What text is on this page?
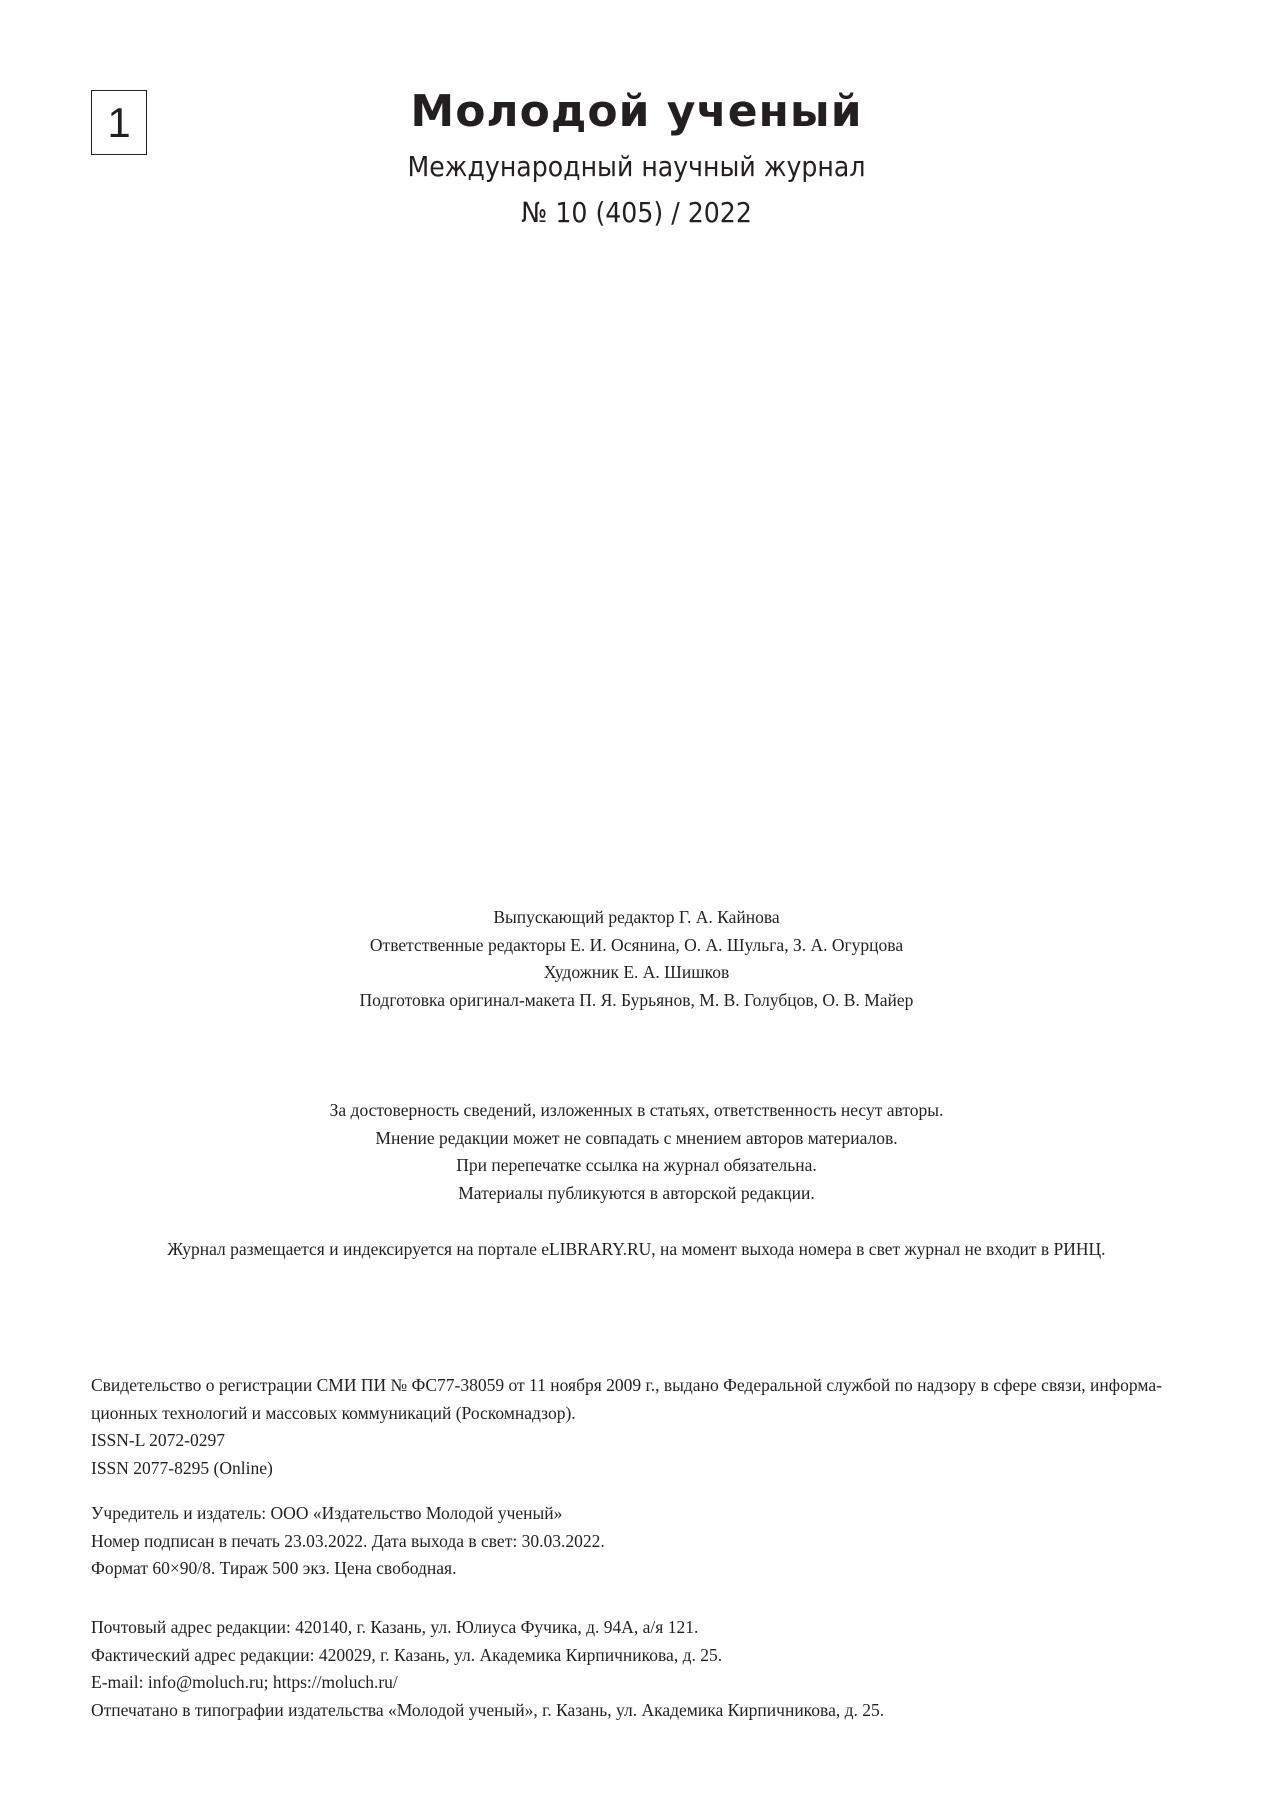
1	Молодой ученый
Международный научный журнал
№ 10 (405) / 2022
Выпускающий редактор Г. А. Кайнова
Ответственные редакторы Е. И. Осянина, О. А. Шульга, З. А. Огурцова
Художник Е. А. Шишков
Подготовка оригинал-макета П. Я. Бурьянов, М. В. Голубцов, О. В. Майер
За достоверность сведений, изложенных в статьях, ответственность несут авторы.
Мнение редакции может не совпадать с мнением авторов материалов.
При перепечатке ссылка на журнал обязательна.
Материалы публикуются в авторской редакции.
Журнал размещается и индексируется на портале eLIBRARY.RU, на момент выхода номера в свет журнал не входит в РИНЦ.
Свидетельство о регистрации СМИ ПИ № ФС77-38059 от 11 ноября 2009 г., выдано Федеральной службой по надзору в сфере связи, информа-
ционных технологий и массовых коммуникаций (Роскомнадзор).
ISSN-L 2072-0297
ISSN 2077-8295 (Online)
Учредитель и издатель: ООО «Издательство Молодой ученый»
Номер подписан в печать 23.03.2022. Дата выхода в свет: 30.03.2022.
Формат 60×90/8. Тираж 500 экз. Цена свободная.
Почтовый адрес редакции: 420140, г. Казань, ул. Юлиуса Фучика, д. 94А, а/я 121.
Фактический адрес редакции: 420029, г. Казань, ул. Академика Кирпичникова, д. 25.
E-mail: info@moluch.ru; https://moluch.ru/
Отпечатано в типографии издательства «Молодой ученый», г. Казань, ул. Академика Кирпичникова, д. 25.
